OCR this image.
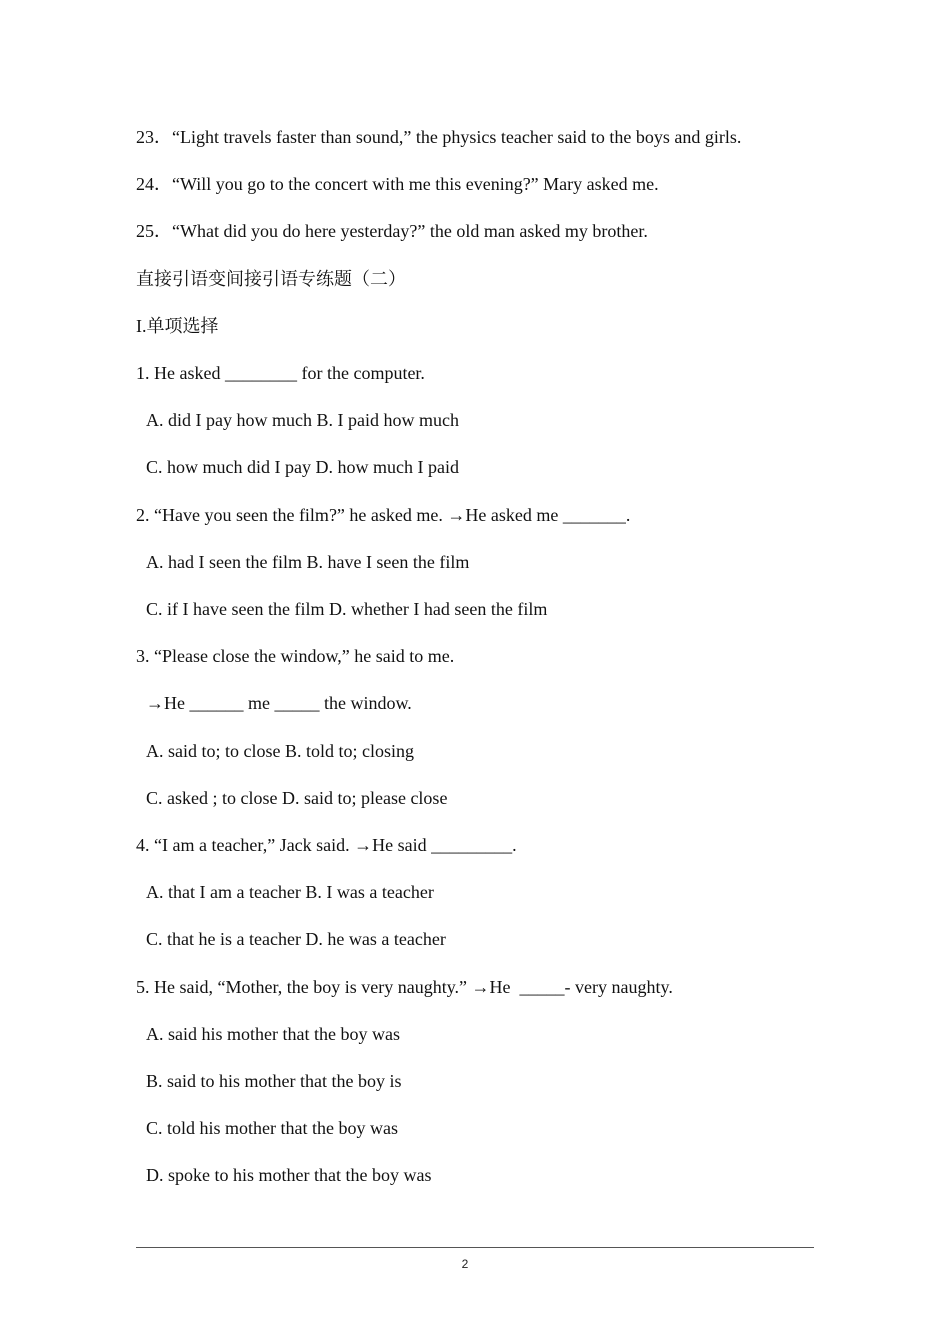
23．“Light travels faster than sound,” the physics teacher said to the boys and girls.
24．“Will you go to the concert with me this evening?” Mary asked me.
25．“What did you do here yesterday?” the old man asked my brother.
直接引语变间接引语专练题（二）
I.单项选择
1. He asked ________ for the computer.
A. did I pay how much B. I paid how much
C. how much did I pay D. how much I paid
2. “Have you seen the film?” he asked me. →He asked me _______.
A. had I seen the film B. have I seen the film
C. if I have seen the film D. whether I had seen the film
3. “Please close the window,” he said to me.
→He ______ me _____ the window.
A. said to; to close B. told to; closing
C. asked ; to close D. said to; please close
4. “I am a teacher,” Jack said. →He said _________.
A. that I am a teacher B. I was a teacher
C. that he is a teacher D. he was a teacher
5. He said, “Mother, the boy is very naughty.” →He  _____- very naughty.
A. said his mother that the boy was
B. said to his mother that the boy is
C. told his mother that the boy was
D. spoke to his mother that the boy was
2
